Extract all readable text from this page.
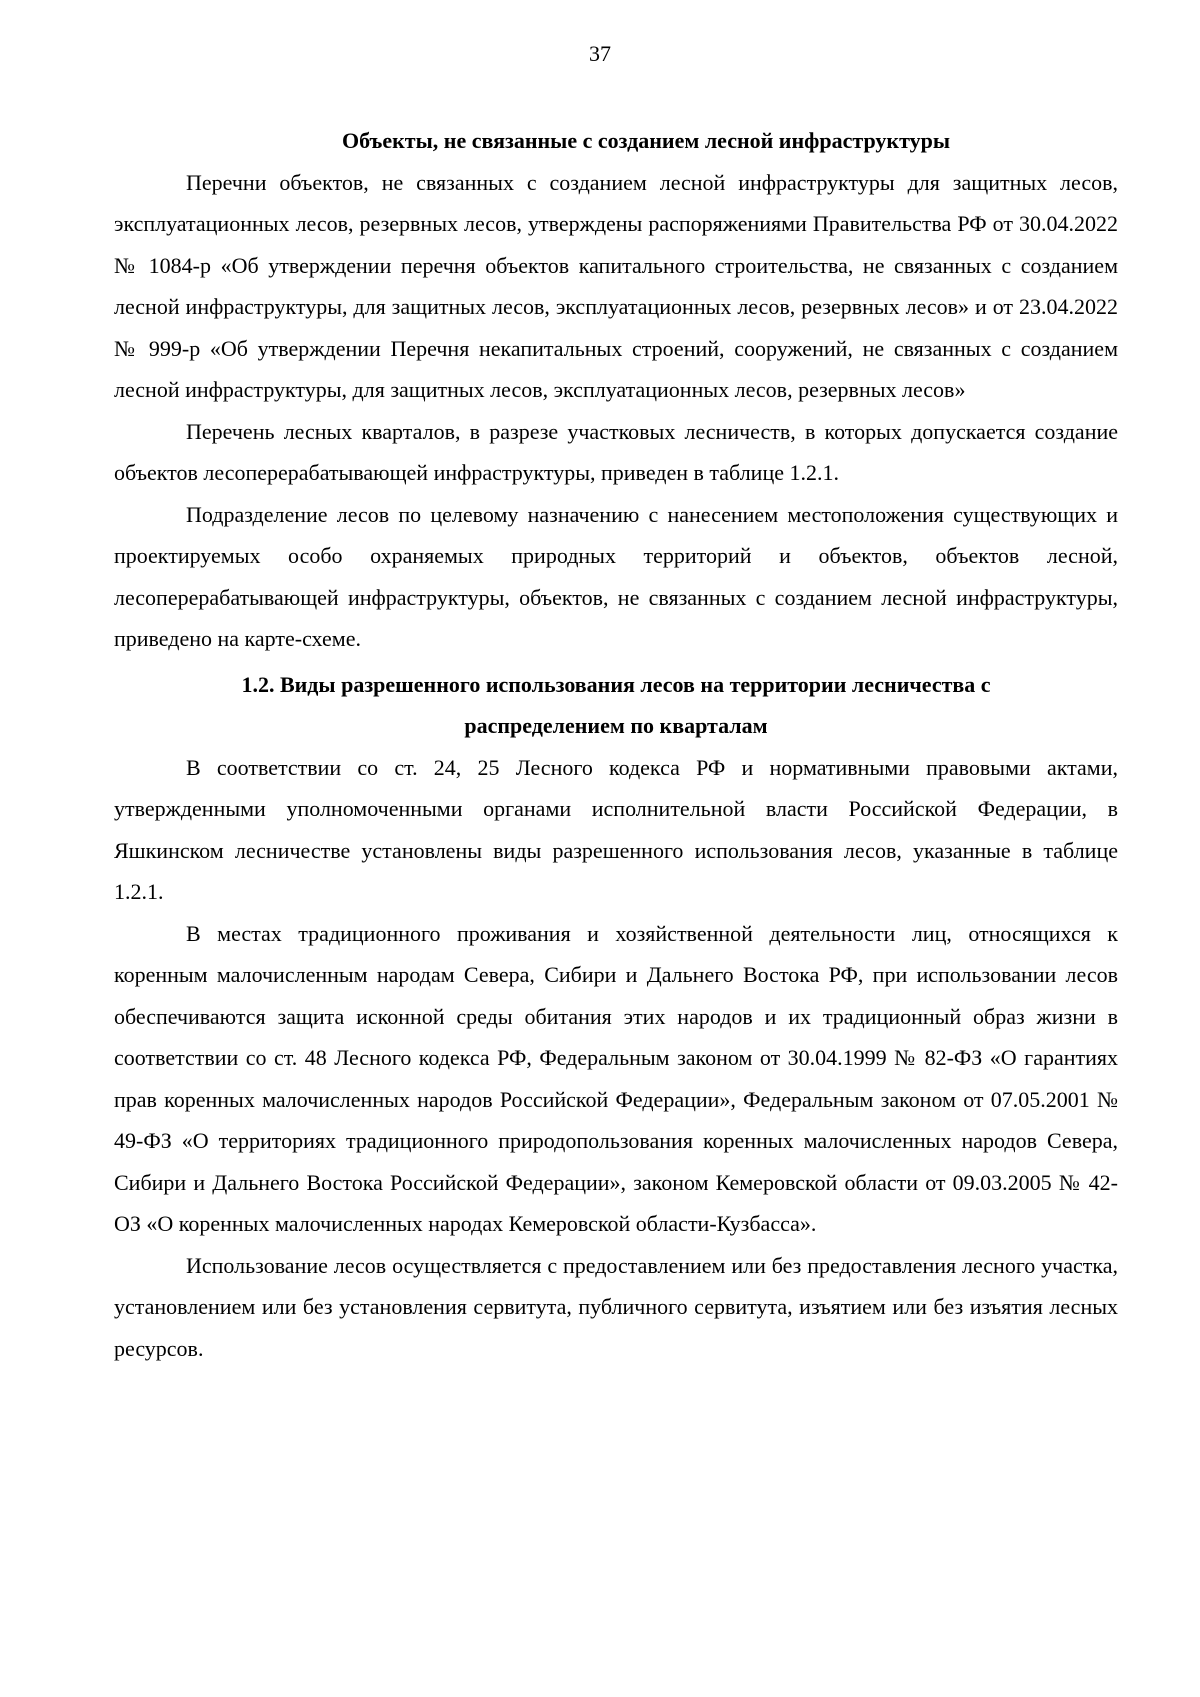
37

Объекты, не связанные с созданием лесной инфраструктуры

Перечни объектов, не связанных с созданием лесной инфраструктуры для защитных лесов, эксплуатационных лесов, резервных лесов, утверждены распоряжениями Правительства РФ от 30.04.2022 № 1084-р «Об утверждении перечня объектов капитального строительства, не связанных с созданием лесной инфраструктуры, для защитных лесов, эксплуатационных лесов, резервных лесов» и от 23.04.2022 № 999-р «Об утверждении Перечня некапитальных строений, сооружений, не связанных с созданием лесной инфраструктуры, для защитных лесов, эксплуатационных лесов, резервных лесов»

Перечень лесных кварталов, в разрезе участковых лесничеств, в которых допускается создание объектов лесоперерабатывающей инфраструктуры, приведен в таблице 1.2.1.

Подразделение лесов по целевому назначению с нанесением местоположения существующих и проектируемых особо охраняемых природных территорий и объектов, объектов лесной, лесоперерабатывающей инфраструктуры, объектов, не связанных с созданием лесной инфраструктуры, приведено на карте-схеме.

1.2. Виды разрешенного использования лесов на территории лесничества с
распределением по кварталам

В соответствии со ст. 24, 25 Лесного кодекса РФ и нормативными правовыми актами, утвержденными уполномоченными органами исполнительной власти Российской Федерации, в Яшкинском лесничестве установлены виды разрешенного использования лесов, указанные в таблице 1.2.1.

В местах традиционного проживания и хозяйственной деятельности лиц, относящихся к коренным малочисленным народам Севера, Сибири и Дальнего Востока РФ, при использовании лесов обеспечиваются защита исконной среды обитания этих народов и их традиционный образ жизни в соответствии со ст. 48 Лесного кодекса РФ, Федеральным законом от 30.04.1999 № 82-ФЗ «О гарантиях прав коренных малочисленных народов Российской Федерации», Федеральным законом от 07.05.2001 № 49-ФЗ «О территориях традиционного природопользования коренных малочисленных народов Севера, Сибири и Дальнего Востока Российской Федерации», законом Кемеровской области от 09.03.2005 № 42-ОЗ «О коренных малочисленных народах Кемеровской области-Кузбасса».

Использование лесов осуществляется с предоставлением или без предоставления лесного участка, установлением или без установления сервитута, публичного сервитута, изъятием или без изъятия лесных ресурсов.
